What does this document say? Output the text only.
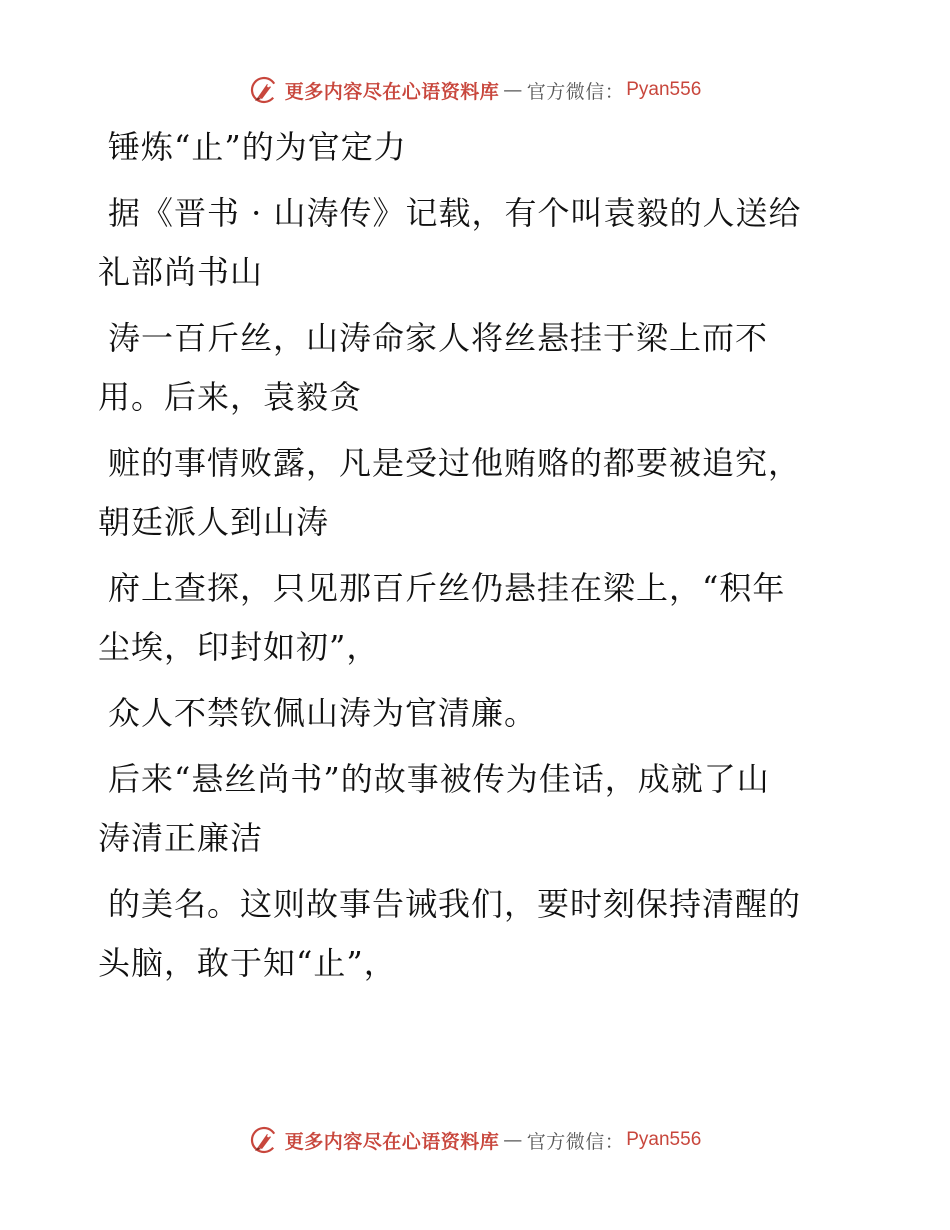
更多内容尽在心语资料库 — 官方微信： Pyan556
锤炼“止”的为官定力
据《晋书 · 山涛传》记载，有个叫袁毅的人送给
礼部尚书山
涛一百斤丝，山涛命家人将丝悬挂于梁上而不
用。后来，袁毅贪
赃的事情败露，凡是受过他贿赂的都要被追究，
朝廷派人到山涛
府上查探，只见那百斤丝仍悬挂在梁上，“积年
尘埃，印封如初”，
众人不禁钦佩山涛为官清廉。
后来“悬丝尚书”的故事被传为佳话，成就了山
涛清正廉洁
的美名。这则故事告诫我们，要时刻保持清醒的
头脑，敢于知“止”，
更多内容尽在心语资料库 — 官方微信： Pyan556
